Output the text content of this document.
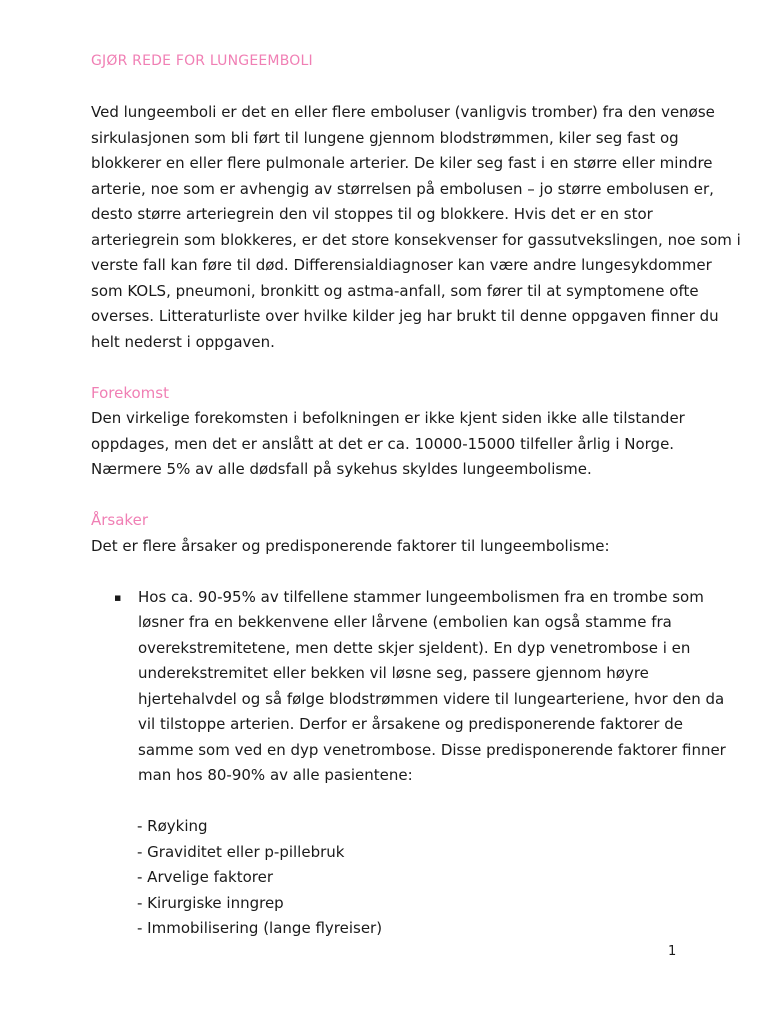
GJØR REDE FOR LUNGEEMBOLI

Ved lungeemboli er det en eller flere emboluser (vanligvis tromber) fra den venøse sirkulasjonen som bli ført til lungene gjennom blodstrømmen, kiler seg fast og blokkerer en eller flere pulmonale arterier. De kiler seg fast i en større eller mindre arterie, noe som er avhengig av størrelsen på embolusen – jo større embolusen er, desto større arteriegrein den vil stoppes til og blokkere. Hvis det er en stor arteriegrein som blokkeres, er det store konsekvenser for gassutvekslingen, noe som i verste fall kan føre til død. Differensialdiagnoser kan være andre lungesykdommer som KOLS, pneumoni, bronkitt og astma-anfall, som fører til at symptomene ofte overses. Litteraturliste over hvilke kilder jeg har brukt til denne oppgaven finner du helt nederst i oppgaven.

Forekomst

Den virkelige forekomsten i befolkningen er ikke kjent siden ikke alle tilstander oppdages, men det er anslått at det er ca. 10000-15000 tilfeller årlig i Norge. Nærmere 5% av alle dødsfall på sykehus skyldes lungeembolisme.

Årsaker

Det er flere årsaker og predisponerende faktorer til lungeembolisme:

▪ Hos ca. 90-95% av tilfellene stammer lungeembolismen fra en trombe som løsner fra en bekkenvene eller lårvene (embolien kan også stamme fra overekstremitetene, men dette skjer sjeldent). En dyp venetrombose i en underekstremitet eller bekken vil løsne seg, passere gjennom høyre hjertehalvdel og så følge blodstrømmen videre til lungearteriene, hvor den da vil tilstoppe arterien. Derfor er årsakene og predisponerende faktorer de samme som ved en dyp venetrombose. Disse predisponerende faktorer finner man hos 80-90% av alle pasientene:
- Røyking
- Graviditet eller p-pillebruk
- Arvelige faktorer
- Kirurgiske inngrep
- Immobilisering (lange flyreiser)
1
